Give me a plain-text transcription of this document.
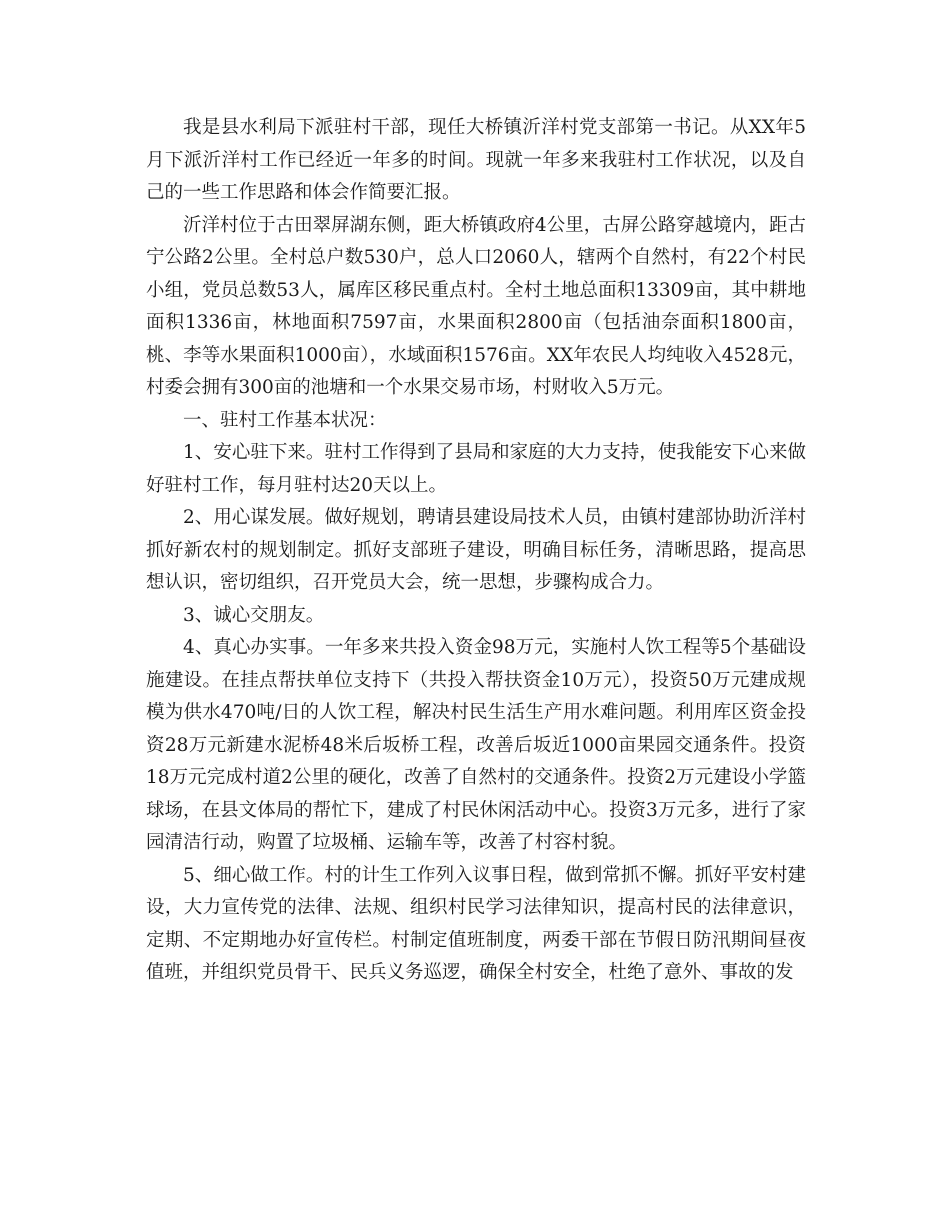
我是县水利局下派驻村干部，现任大桥镇沂洋村党支部第一书记。从XX年5月下派沂洋村工作已经近一年多的时间。现就一年多来我驻村工作状况，以及自己的一些工作思路和体会作简要汇报。

沂洋村位于古田翠屏湖东侧，距大桥镇政府4公里，古屏公路穿越境内，距古宁公路2公里。全村总户数530户，总人口2060人，辖两个自然村，有22个村民小组，党员总数53人，属库区移民重点村。全村土地总面积13309亩，其中耕地面积1336亩，林地面积7597亩，水果面积2800亩（包括油奈面积1800亩，桃、李等水果面积1000亩），水域面积1576亩。XX年农民人均纯收入4528元，村委会拥有300亩的池塘和一个水果交易市场，村财收入5万元。

一、驻村工作基本状况：

1、安心驻下来。驻村工作得到了县局和家庭的大力支持，使我能安下心来做好驻村工作，每月驻村达20天以上。

2、用心谋发展。做好规划，聘请县建设局技术人员，由镇村建部协助沂洋村抓好新农村的规划制定。抓好支部班子建设，明确目标任务，清晰思路，提高思想认识，密切组织，召开党员大会，统一思想，步骤构成合力。

3、诚心交朋友。

4、真心办实事。一年多来共投入资金98万元，实施村人饮工程等5个基础设施建设。在挂点帮扶单位支持下（共投入帮扶资金10万元），投资50万元建成规模为供水470吨/日的人饮工程，解决村民生活生产用水难问题。利用库区资金投资28万元新建水泥桥48米后坂桥工程，改善后坂近1000亩果园交通条件。投资18万元完成村道2公里的硬化，改善了自然村的交通条件。投资2万元建设小学篮球场，在县文体局的帮忙下，建成了村民休闲活动中心。投资3万元多，进行了家园清洁行动，购置了垃圾桶、运输车等，改善了村容村貌。

5、细心做工作。村的计生工作列入议事日程，做到常抓不懈。抓好平安村建设，大力宣传党的法律、法规、组织村民学习法律知识，提高村民的法律意识，定期、不定期地办好宣传栏。村制定值班制度，两委干部在节假日防汛期间昼夜值班，并组织党员骨干、民兵义务巡逻，确保全村安全，杜绝了意外、事故的发
